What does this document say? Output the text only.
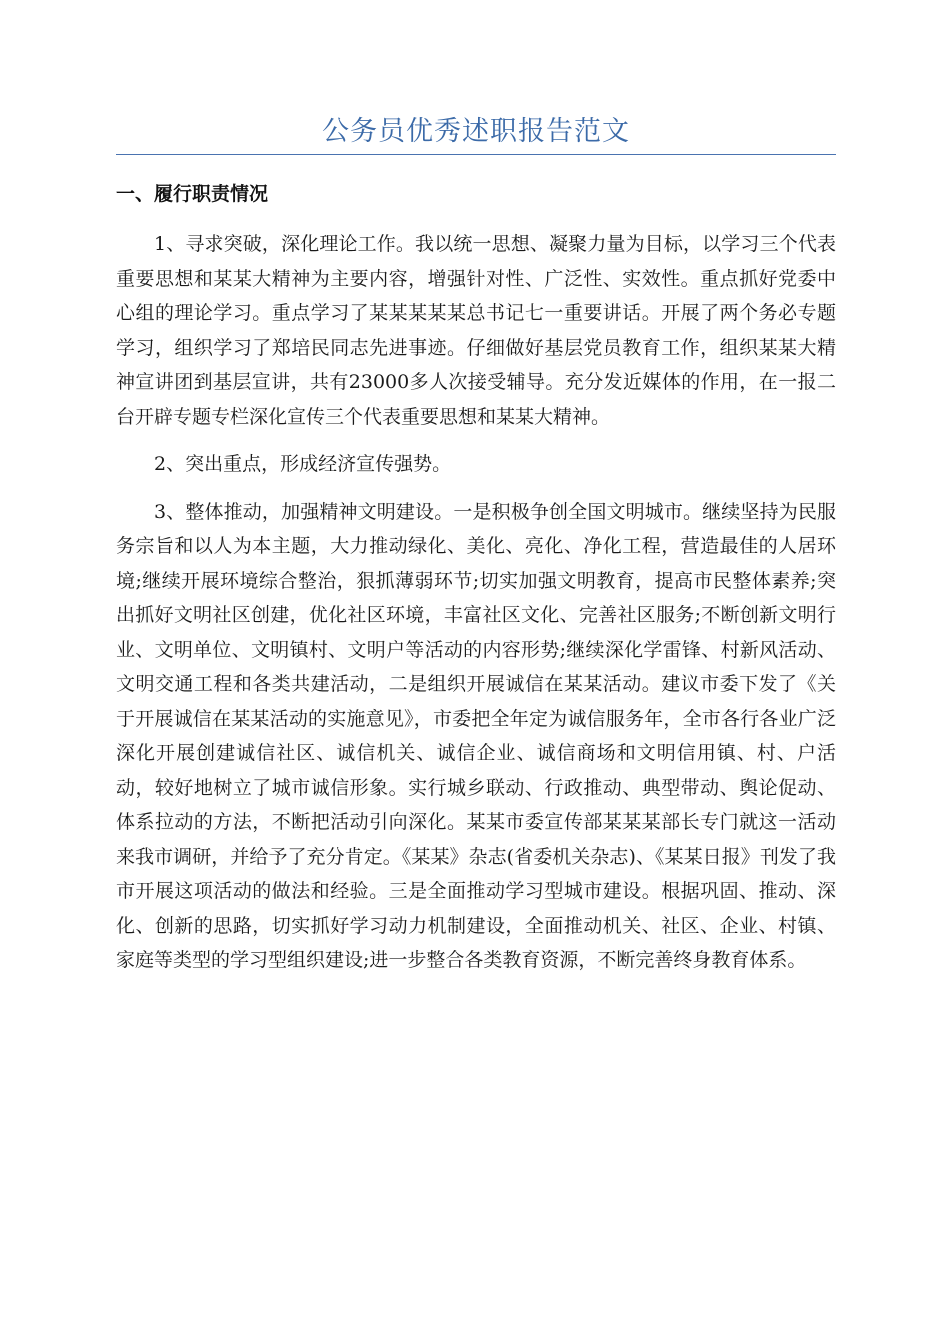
公务员优秀述职报告范文
一、履行职责情况

1、寻求突破，深化理论工作。我以统一思想、凝聚力量为目标，以学习三个代表重要思想和某某大精神为主要内容，增强针对性、广泛性、实效性。重点抓好党委中心组的理论学习。重点学习了某某某某某总书记七一重要讲话。开展了两个务必专题学习，组织学习了郑培民同志先进事迹。仔细做好基层党员教育工作，组织某某大精神宣讲团到基层宣讲，共有23000多人次接受辅导。充分发近媒体的作用，在一报二台开辟专题专栏深化宣传三个代表重要思想和某某大精神。

2、突出重点，形成经济宣传强势。

3、整体推动，加强精神文明建设。一是积极争创全国文明城市。继续坚持为民服务宗旨和以人为本主题，大力推动绿化、美化、亮化、净化工程，营造最佳的人居环境;继续开展环境综合整治，狠抓薄弱环节;切实加强文明教育，提高市民整体素养;突出抓好文明社区创建，优化社区环境，丰富社区文化、完善社区服务;不断创新文明行业、文明单位、文明镇村、文明户等活动的内容形势;继续深化学雷锋、村新风活动、文明交通工程和各类共建活动，二是组织开展诚信在某某活动。建议市委下发了《关于开展诚信在某某活动的实施意见》，市委把全年定为诚信服务年，全市各行各业广泛深化开展创建诚信社区、诚信机关、诚信企业、诚信商场和文明信用镇、村、户活动，较好地树立了城市诚信形象。实行城乡联动、行政推动、典型带动、舆论促动、体系拉动的方法，不断把活动引向深化。某某市委宣传部某某某部长专门就这一活动来我市调研，并给予了充分肯定。《某某》杂志(省委机关杂志)、《某某日报》刊发了我市开展这项活动的做法和经验。三是全面推动学习型城市建设。根据巩固、推动、深化、创新的思路，切实抓好学习动力机制建设，全面推动机关、社区、企业、村镇、家庭等类型的学习型组织建设;进一步整合各类教育资源，不断完善终身教育体系。
